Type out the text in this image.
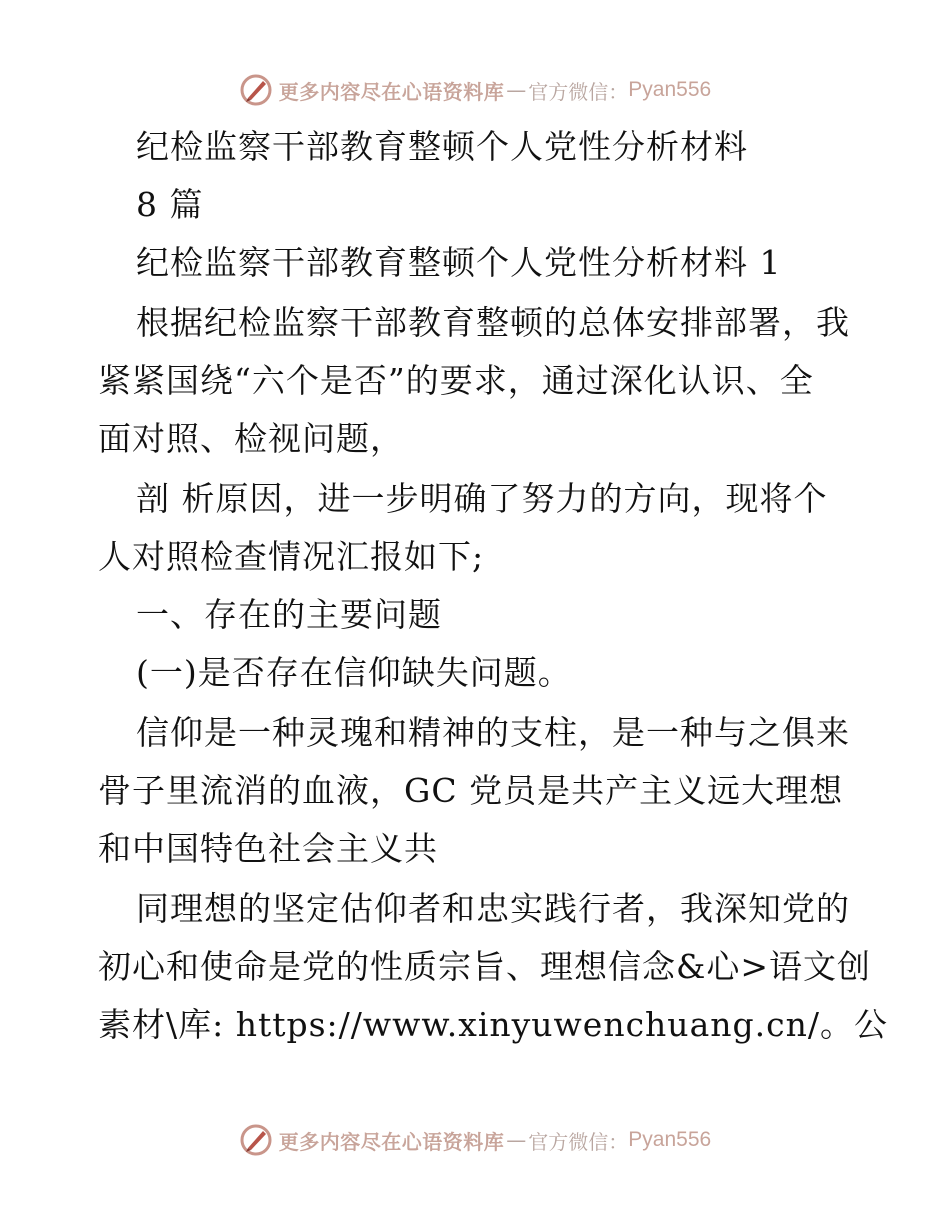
更多内容尽在心语资料库 — 官方微信： Pyan556
纪检监察干部教育整顿个人党性分析材料
8 篇
纪检监察干部教育整顿个人党性分析材料 1
根据纪检监察干部教育整顿的总体安排部署，我
紧紧国绕“六个是否”的要求，通过深化认识、全
面对照、检视问题，
剖 析原因，进一步明确了努力的方向，现将个
人对照检查情况汇报如下;
一、存在的主要问题
(一)是否存在信仰缺失问题。
信仰是一种灵瑰和精神的支柱，是一种与之俱来
骨子里流消的血液，GC 党员是共产主义远大理想
和中国特色社会主义共
同理想的坚定估仰者和忠实践行者，我深知党的
初心和使命是党的性质宗旨、理想信念&心>语文创
素材\库: https://www.xinyuwenchuang.cn/。公
更多内容尽在心语资料库 — 官方微信： Pyan556
